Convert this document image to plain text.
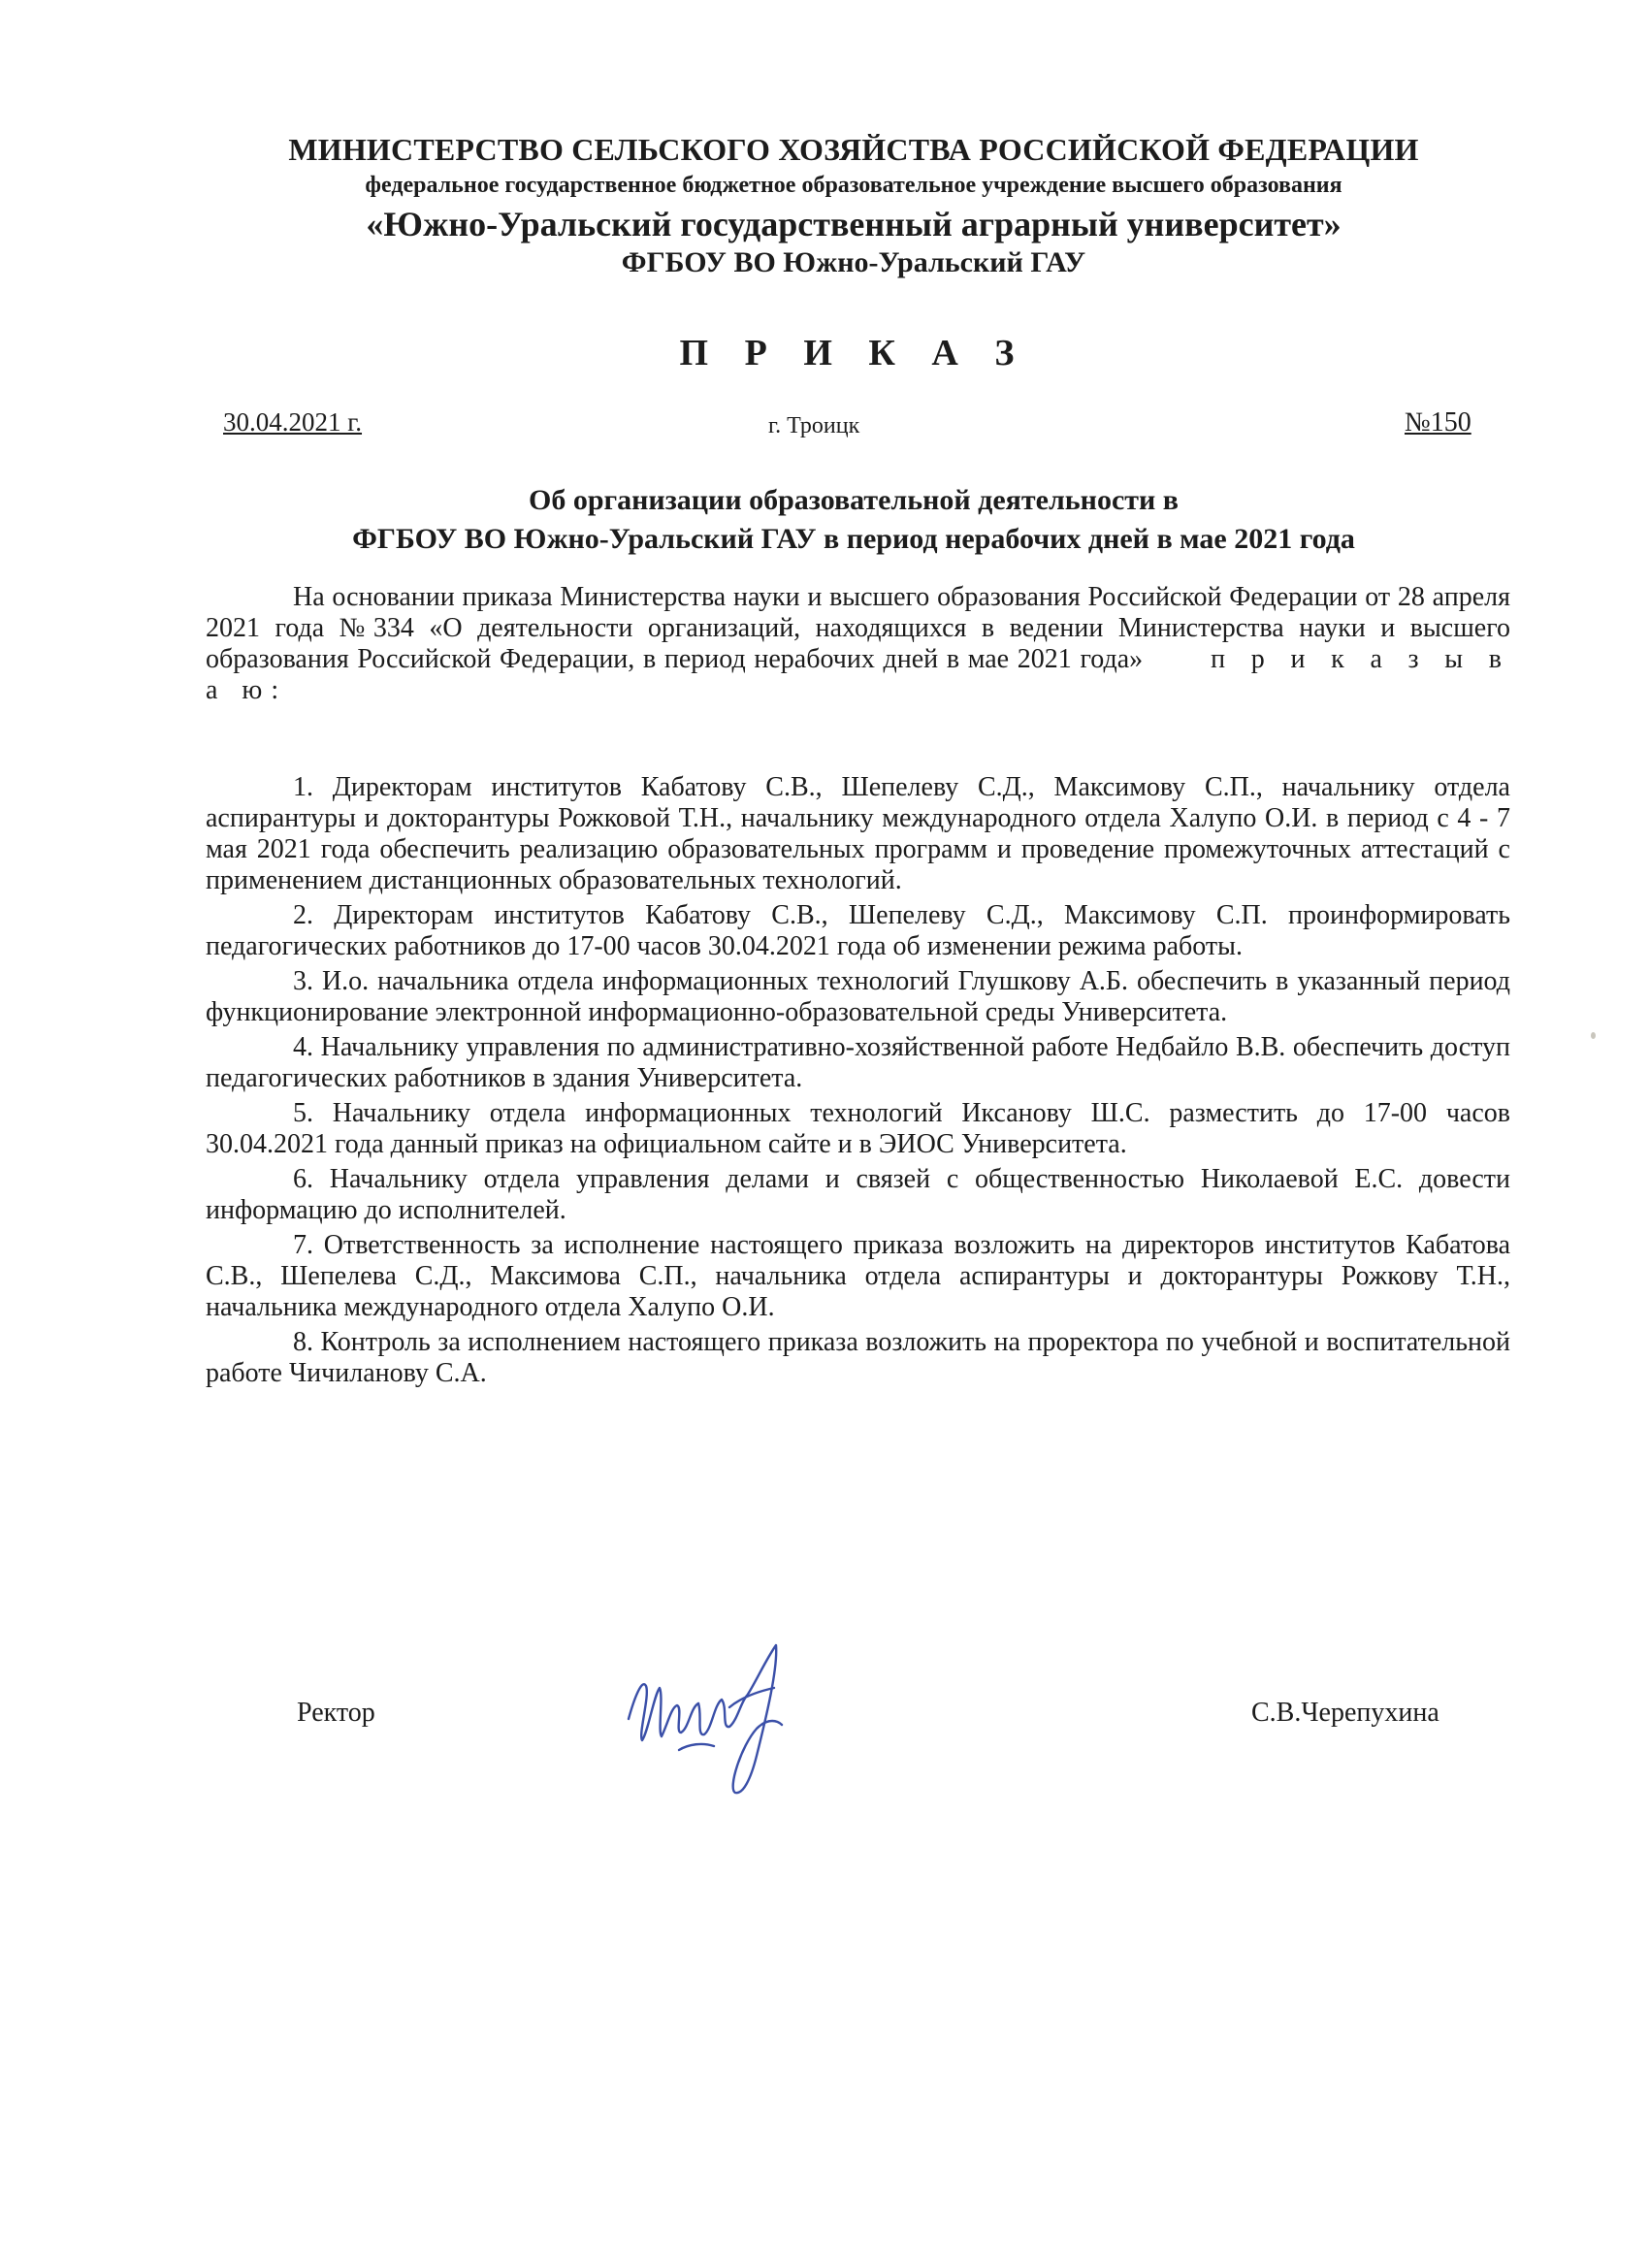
МИНИСТЕРСТВО СЕЛЬСКОГО ХОЗЯЙСТВА РОССИЙСКОЙ ФЕДЕРАЦИИ
федеральное государственное бюджетное образовательное учреждение высшего образования
«Южно-Уральский государственный аграрный университет»
ФГБОУ ВО Южно-Уральский ГАУ
П Р И К А З
30.04.2021 г.	г. Троицк	№150
Об организации образовательной деятельности в
ФГБОУ ВО Южно-Уральский ГАУ в период нерабочих дней в мае 2021 года
На основании приказа Министерства науки и высшего образования Российской Федерации от 28 апреля 2021 года №334 «О деятельности организаций, находящихся в ведении Министерства науки и высшего образования Российской Федерации, в период нерабочих дней в мае 2021 года»	п р и к а з ы в а ю:

1. Директорам институтов Кабатову С.В., Шепелеву С.Д., Максимову С.П., начальнику отдела аспирантуры и докторантуры Рожковой Т.Н., начальнику международного отдела Халупо О.И. в период с 4 - 7 мая 2021 года обеспечить реализацию образовательных программ и проведение промежуточных аттестаций с применением дистанционных образовательных технологий.

2. Директорам институтов Кабатову С.В., Шепелеву С.Д., Максимову С.П. проинформировать педагогических работников до 17-00 часов 30.04.2021 года об изменении режима работы.

3. И.о. начальника отдела информационных технологий Глушкову А.Б. обеспечить в указанный период функционирование электронной информационно-образовательной среды Университета.

4. Начальнику управления по административно-хозяйственной работе Недбайло В.В. обеспечить доступ педагогических работников в здания Университета.

5. Начальнику отдела информационных технологий Иксанову Ш.С. разместить до 17-00 часов 30.04.2021 года данный приказ на официальном сайте и в ЭИОС Университета.

6. Начальнику отдела управления делами и связей с общественностью Николаевой Е.С. довести информацию до исполнителей.

7. Ответственность за исполнение настоящего приказа возложить на директоров институтов Кабатова С.В., Шепелева С.Д., Максимова С.П., начальника отдела аспирантуры и докторантуры Рожкову Т.Н., начальника международного отдела Халупо О.И.

8. Контроль за исполнением настоящего приказа возложить на проректора по учебной и воспитательной работе Чичиланову С.А.

Ректор	С.В.Черепухина
